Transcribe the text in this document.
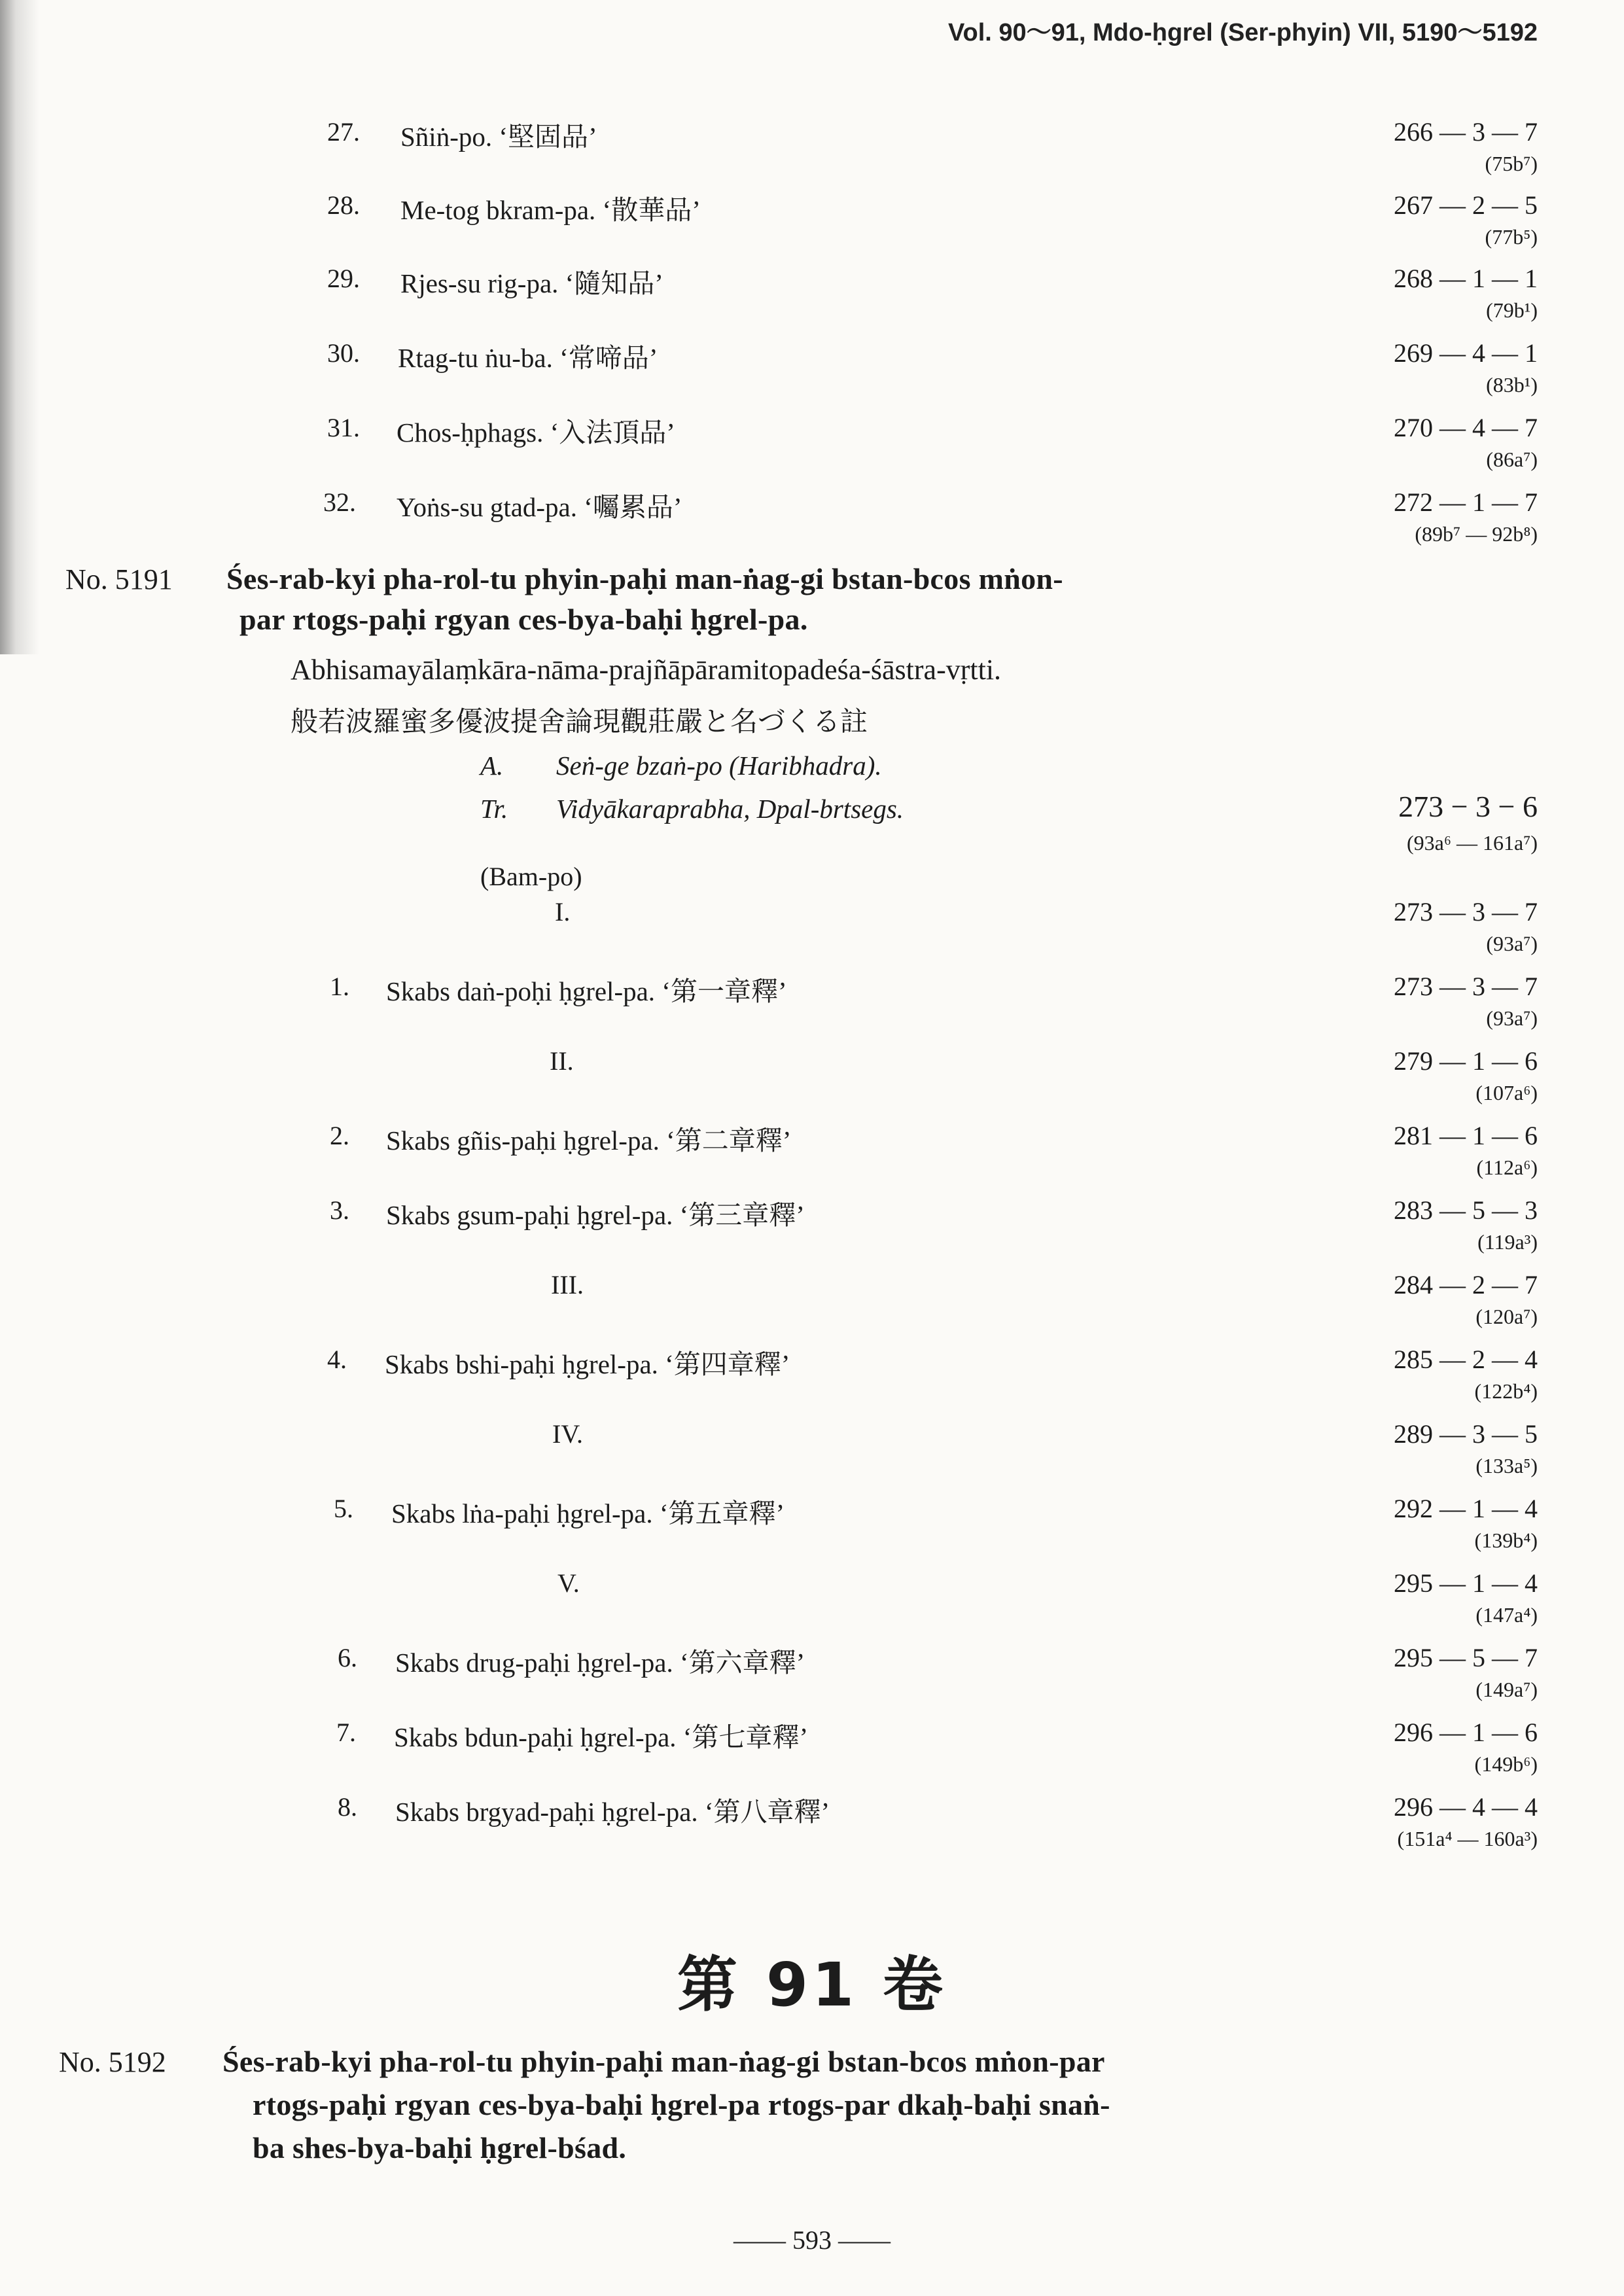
Vol. 90～91, Mdo-ḥgrel (Ser-phyin) VII, 5190～5192
27. Sñiṅ-po. ‘堅固品’	266 — 3 — 7
(75b⁷)
28. Me-tog bkram-pa. ‘散華品’	267 — 2 — 5
(77b⁵)
29. Rjes-su rig-pa. ‘隨知品’	268 — 1 — 1
(79b¹)
30. Rtag-tu ṅu-ba. ‘常啼品’	269 — 4 — 1
(83b¹)
31. Chos-ḥphags. ‘入法頂品’	270 — 4 — 7
(86a⁷)
32. Yoṅs-su gtad-pa. ‘囑累品’	272 — 1 — 7
(89b⁷ — 92b⁸)
No. 5191 Śes-rab-kyi pha-rol-tu phyin-paḥi man-ṅag-gi bstan-bcos mṅon-
par rtogs-paḥi rgyan ces-bya-baḥi ḥgrel-pa.
Abhisamayālaṃkāra-nāma-prajñāpāramitopadeśa-śāstra-vṛtti.
般若波羅蜜多優波提舍論現觀莊嚴と名づくる註
A. Seṅ-ge bzaṅ-po (Haribhadra).
Tr. Vidyākaraprabha, Dpal-brtsegs.	273 − 3 − 6
(93a⁶ — 161a⁷)
(Bam-po)
I.	273 — 3 — 7
(93a⁷)
1. Skabs daṅ-poḥi ḥgrel-pa. ‘第一章釋’	273 — 3 — 7
(93a⁷)
II.	279 — 1 — 6
(107a⁶)
2. Skabs gñis-paḥi ḥgrel-pa. ‘第二章釋’	281 — 1 — 6
(112a⁶)
3. Skabs gsum-paḥi ḥgrel-pa. ‘第三章釋’	283 — 5 — 3
(119a³)
III.	284 — 2 — 7
(120a⁷)
4. Skabs bshi-paḥi ḥgrel-pa. ‘第四章釋’	285 — 2 — 4
(122b⁴)
IV.	289 — 3 — 5
(133a⁵)
5. Skabs lṅa-paḥi ḥgrel-pa. ‘第五章釋’	292 — 1 — 4
(139b⁴)
V.	295 — 1 — 4
(147a⁴)
6. Skabs drug-paḥi ḥgrel-pa. ‘第六章釋’	295 — 5 — 7
(149a⁷)
7. Skabs bdun-paḥi ḥgrel-pa. ‘第七章釋’	296 — 1 — 6
(149b⁶)
8. Skabs brgyad-paḥi ḥgrel-pa. ‘第八章釋’	296 — 4 — 4
(151a⁴ — 160a³)
第 91 卷
No. 5192 Śes-rab-kyi pha-rol-tu phyin-paḥi man-ṅag-gi bstan-bcos mṅon-par
rtogs-paḥi rgyan ces-bya-baḥi ḥgrel-pa rtogs-par dkaḥ-baḥi snaṅ-
ba shes-bya-baḥi ḥgrel-bśad.
—— 593 ——
